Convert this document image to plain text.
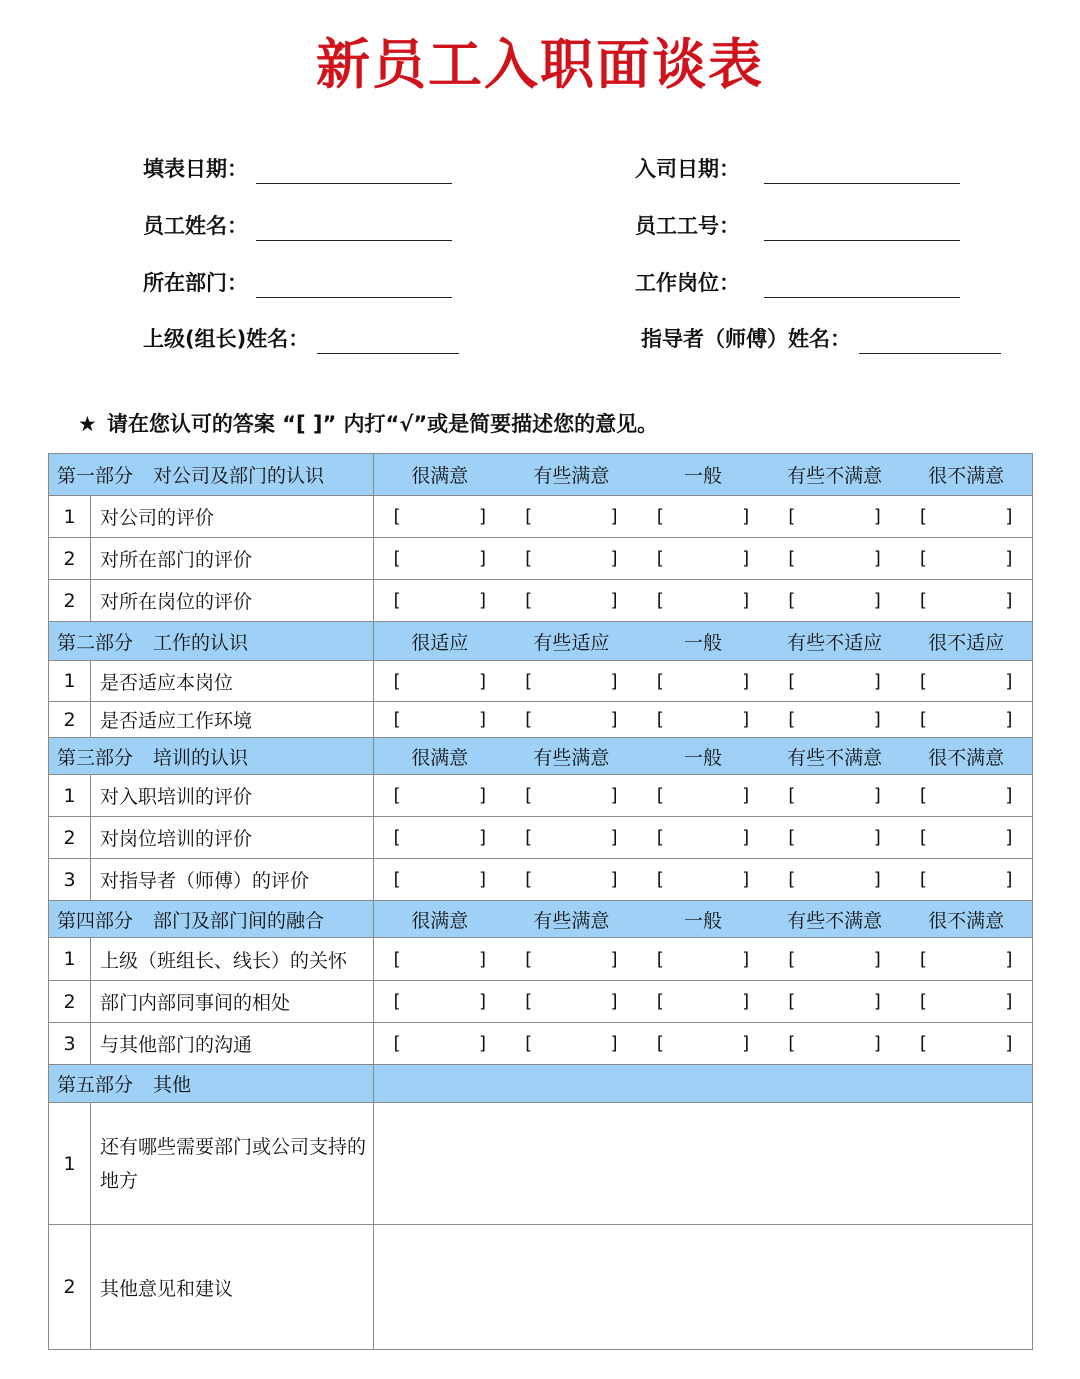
新员工入职面谈表
填表日期：	入司日期：
员工姓名：	员工工号：
所在部门：	工作岗位：
上级(组长)姓名：	指导者（师傅）姓名：
★ 请在您认可的答案 “[ ]” 内打“√”或是简要描述您的意见。
第一部分 对公司及部门的认识		很满意 有些满意 一般 有些不满意 很不满意

1	对公司的评价	[       ] [       ] [       ] [       ] [       ]

2	对所在部门的评价	[       ] [       ] [       ] [       ] [       ]

2	对所在岗位的评价	[       ] [       ] [       ] [       ] [       ]

第二部分 工作的认识		很适应 有些适应 一般 有些不适应 很不适应

1	是否适应本岗位	[       ] [       ] [       ] [       ] [       ]

2	是否适应工作环境	[       ] [       ] [       ] [       ] [       ]

第三部分 培训的认识		很满意 有些满意 一般 有些不满意 很不满意

1	对入职培训的评价	[       ] [       ] [       ] [       ] [       ]

2	对岗位培训的评价	[       ] [       ] [       ] [       ] [       ]

3	对指导者（师傅）的评价	[       ] [       ] [       ] [       ] [       ]

第四部分 部门及部门间的融合		很满意 有些满意 一般 有些不满意 很不满意

1	上级（班组长、线长）的关怀	[       ] [       ] [       ] [       ] [       ]

2	部门内部同事间的相处	[       ] [       ] [       ] [       ] [       ]

3	与其他部门的沟通	[       ] [       ] [       ] [       ] [       ]

第五部分 其他		
1	还有哪些需要部门或公司支持的地方	
2	其他意见和建议	
